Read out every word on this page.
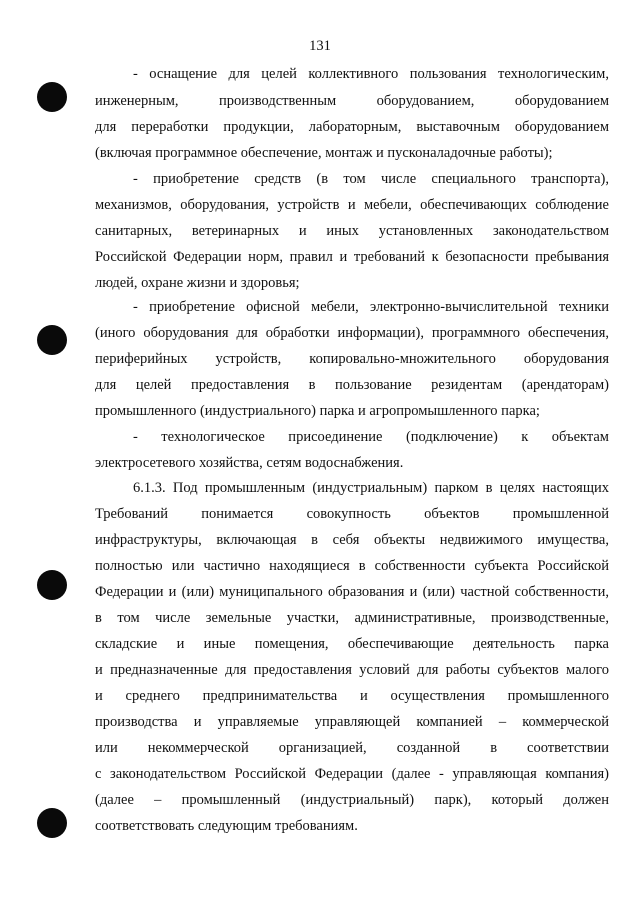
131
- оснащение для целей коллективного пользования технологическим,
инженерным, производственным оборудованием, оборудованием
для переработки продукции, лабораторным, выставочным оборудованием
(включая программное обеспечение, монтаж и пусконаладочные работы);
- приобретение средств (в том числе специального транспорта),
механизмов, оборудования, устройств и мебели, обеспечивающих соблюдение
санитарных, ветеринарных и иных установленных законодательством
Российской Федерации норм, правил и требований к безопасности пребывания
людей, охране жизни и здоровья;
- приобретение офисной мебели, электронно-вычислительной техники
(иного оборудования для обработки информации), программного обеспечения,
периферийных устройств, копировально-множительного оборудования
для целей предоставления в пользование резидентам (арендаторам)
промышленного (индустриального) парка и агропромышленного парка;
- технологическое присоединение (подключение) к объектам
электросетевого хозяйства, сетям водоснабжения.
6.1.3. Под промышленным (индустриальным) парком в целях настоящих
Требований понимается совокупность объектов промышленной
инфраструктуры, включающая в себя объекты недвижимого имущества,
полностью или частично находящиеся в собственности субъекта Российской
Федерации и (или) муниципального образования и (или) частной собственности,
в том числе земельные участки, административные, производственные,
складские и иные помещения, обеспечивающие деятельность парка
и предназначенные для предоставления условий для работы субъектов малого
и среднего предпринимательства и осуществления промышленного
производства и управляемые управляющей компанией – коммерческой
или некоммерческой организацией, созданной в соответствии
с законодательством Российской Федерации (далее - управляющая компания)
(далее – промышленный (индустриальный) парк), который должен
соответствовать следующим требованиям.
